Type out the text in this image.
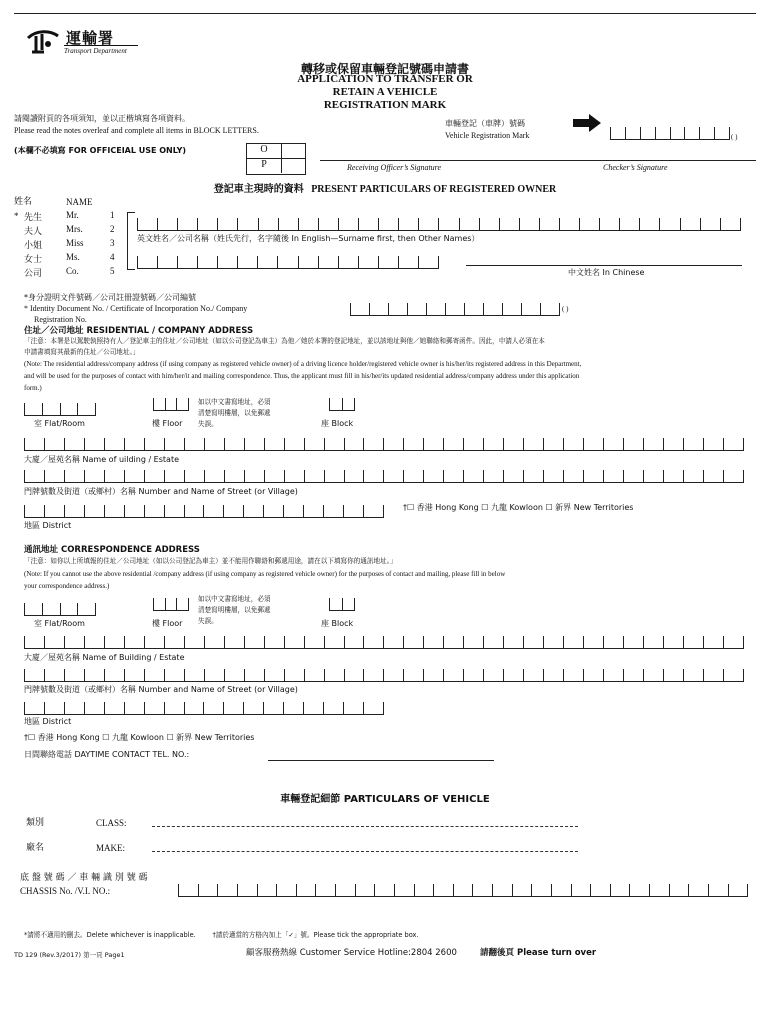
運輸署
Transport Department
轉移或保留車輛登記號碼申請書
APPLICATION TO TRANSFER OR
RETAIN A VEHICLE
REGISTRATION MARK
請閱讀附頁的各項須知，並以正楷填寫各項資料。
Please read the notes overleaf and complete all items in BLOCK LETTERS.
車輛登記（車牌）號碼
Vehicle Registration Mark	( )
(本欄不必填寫 FOR OFFICEIAL USE ONLY)	O
P	Receiving Officer’s Signature	Checker’s Signature
登記車主現時的資料 PRESENT PARTICULARS OF REGISTERED OWNER
姓名	NAME
* 先生	Mr.	1
夫人	Mrs.	2
小姐	Miss	3
女士	Ms.	4
公司	Co.	5
英文姓名／公司名稱（姓氏先行，名字隨後 In English—Surname first, then Other Names）
中文姓名 In Chinese
*身分證明文件號碼／公司註冊證號碼／公司編號
* Identity Document No. / Certificate of Incorporation No./ Company
Registration No.
( )
住址／公司地址 RESIDENTIAL / COMPANY ADDRESS
「注意：本署是以駕駛執照持有人／登記車主的住址／公司地址（如以公司登記為車主）為他／她於本署的登記地址，並以該地址與他／她聯絡和郵寄函件。因此，申請人必須在本
申請書填寫其最新的住址／公司地址。」
(Note: The residential address/company address (if using company as registered vehicle owner) of a driving licence holder/registered vehicle owner is his/her/its registered address in this Department,
and will be used for the purposes of contact with him/her/it and mailing correspondence. Thus, the applicant must fill in his/her/its updated residential address/company address under this application
form.)
室 Flat/Room	樓 Floor
如以中文書寫地址，必須
清楚寫明樓層，以免郵遞
失誤。	座 Block
大廈／屋苑名稱 Name of uilding / Estate
門牌號數及街道（或鄉村）名稱 Number and Name of Street (or Village)
†☐ 香港 Hong Kong ☐ 九龍 Kowloon ☐ 新界 New Territories
地區 District
通訊地址 CORRESPONDENCE ADDRESS
「注意：如你以上所填報的住址／公司地址（如以公司登記為車主）並不能用作聯絡和郵遞用途，請在以下填寫你的通訊地址。」
(Note: If you cannot use the above residential /company address (if using company as registered vehicle owner) for the purposes of contact and mailing, please fill in below
your correspondence address.)
室 Flat/Room	樓 Floor
如以中文書寫地址，必須
清楚寫明樓層，以免郵遞
失誤。	座 Block
大廈／屋苑名稱 Name of Building / Estate
門牌號數及街道（或鄉村）名稱 Number and Name of Street (or Village)
地區 District
†☐ 香港 Hong Kong ☐ 九龍 Kowloon ☐ 新界 New Territories
日間聯絡電話 DAYTIME CONTACT TEL. NO.:
車輛登記細節 PARTICULARS OF VEHICLE
類別	CLASS:
廠名	MAKE:
底 盤 號 碼 ／ 車 輛 識 別 號 碼
CHASSIS No. /V.I. NO.:
*請將不適用的刪去。Delete whichever is inapplicable.        †請於適當的方格內加上「✓」號。Please tick the appropriate box.
TD 129 (Rev.3/2017) 第一頁 Page1	顧客服務熱線 Customer Service Hotline:2804 2600	請翻後頁 Please turn over
